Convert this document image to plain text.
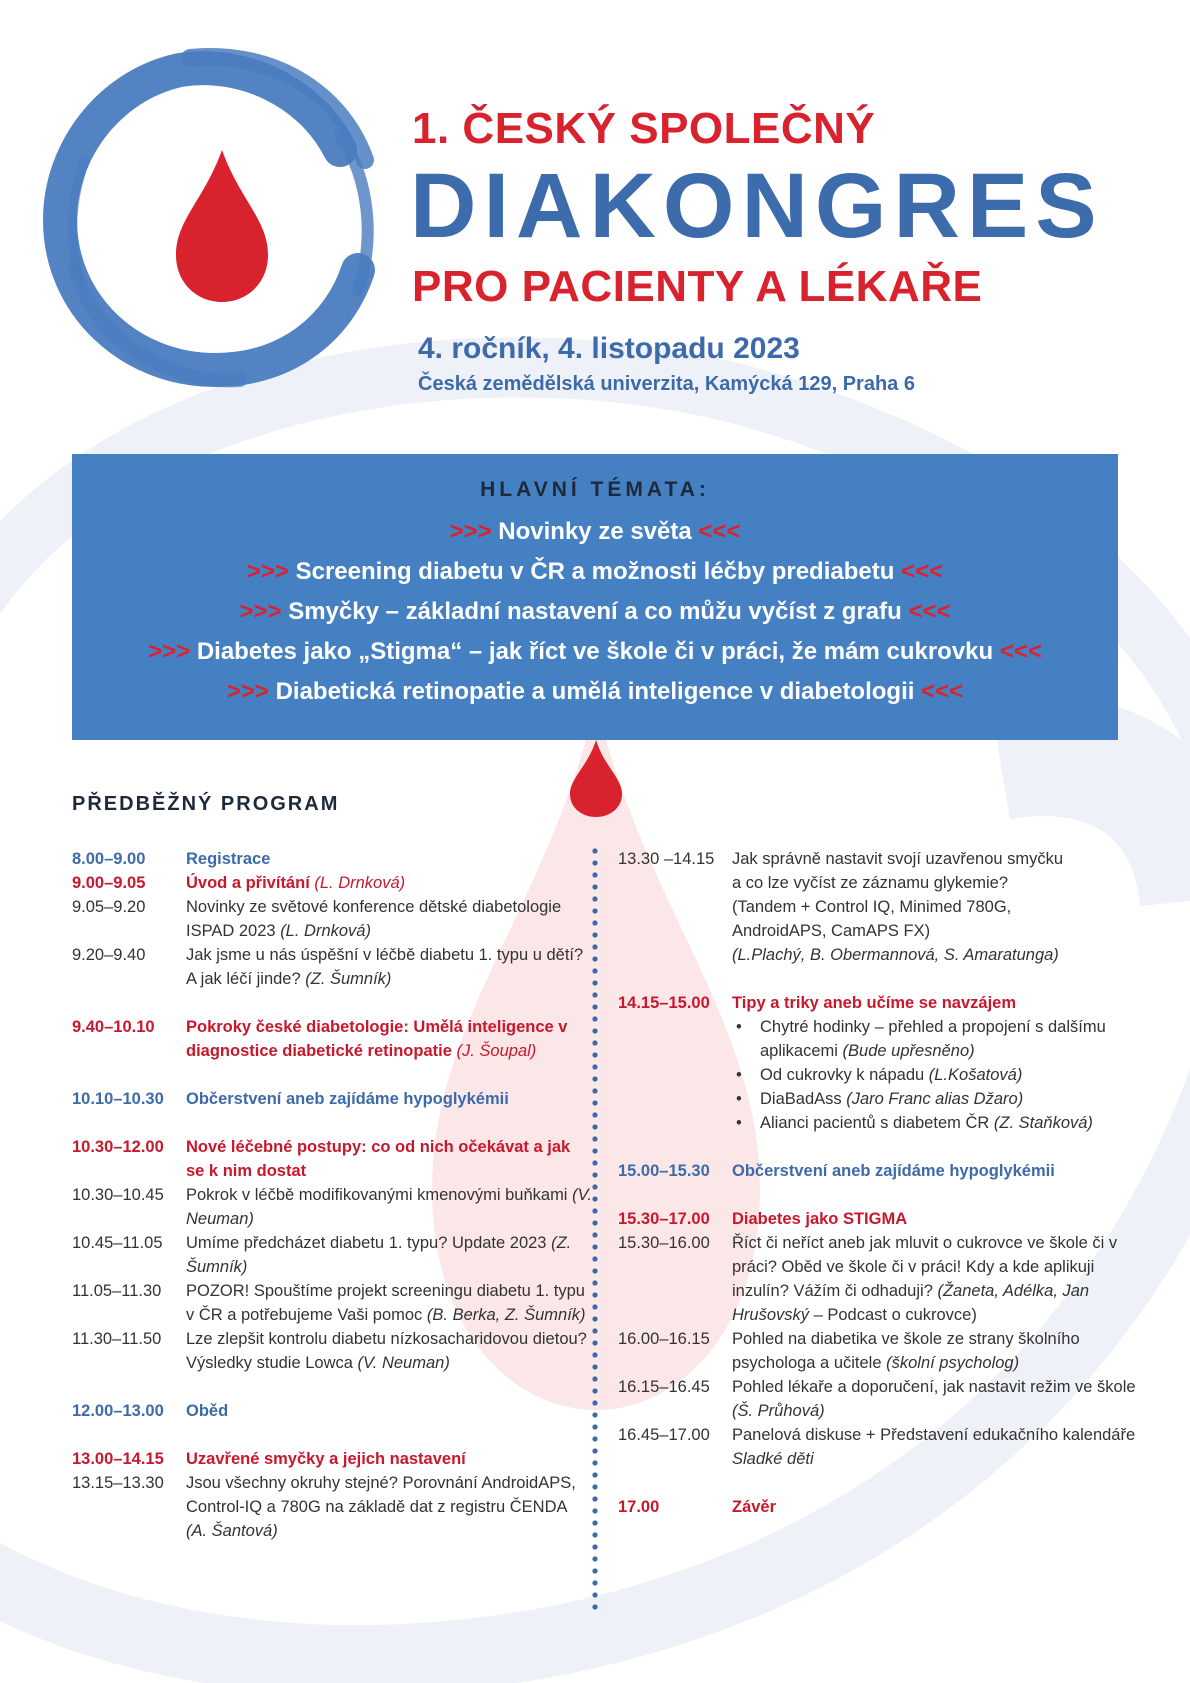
1. ČESKÝ SPOLEČNÝ
DIAKONGRES
PRO PACIENTY A LÉKAŘE
4. ročník, 4. listopadu 2023
Česká zemědělská univerzita, Kamýcká 129, Praha 6
HLAVNÍ TÉMATA:
>>> Novinky ze světa <<<
>>> Screening diabetu v ČR a možnosti léčby prediabetu <<<
>>> Smyčky – základní nastavení a co můžu vyčíst z grafu <<<
>>> Diabetes jako „Stigma“ – jak říct ve škole či v práci, že mám cukrovku <<<
>>> Diabetická retinopatie a umělá inteligence v diabetologii <<<
PŘEDBĚŽNÝ PROGRAM
8.00–9.00	Registrace
9.00–9.05	Úvod a přivítání (L. Drnková)
9.05–9.20	Novinky ze světové konference dětské diabetologie ISPAD 2023 (L. Drnková)
9.20–9.40	Jak jsme u nás úspěšní v léčbě diabetu 1. typu u dětí? A jak léčí jinde? (Z. Šumník)
9.40–10.10	Pokroky české diabetologie: Umělá inteligence v diagnostice diabetické retinopatie (J. Šoupal)
10.10–10.30	Občerstvení aneb zajídáme hypoglykémii
10.30–12.00	Nové léčebné postupy: co od nich očekávat a jak se k nim dostat
10.30–10.45	Pokrok v léčbě modifikovanými kmenovými buňkami (V. Neuman)
10.45–11.05	Umíme předcházet diabetu 1. typu? Update 2023 (Z. Šumník)
11.05–11.30	POZOR! Spouštíme projekt screeningu diabetu 1. typu v ČR a potřebujeme Vaši pomoc (B. Berka, Z. Šumník)
11.30–11.50	Lze zlepšit kontrolu diabetu nízkosacharidovou dietou? Výsledky studie Lowca (V. Neuman)
12.00–13.00	Oběd
13.00–14.15	Uzavřené smyčky a jejich nastavení
13.15–13.30	Jsou všechny okruhy stejné? Porovnání AndroidAPS, Control-IQ a 780G na základě dat z registru ČENDA (A. Šantová)
13.30 –14.15	Jak správně nastavit svojí uzavřenou smyčku
a co lze vyčíst ze záznamu glykemie?
(Tandem + Control IQ, Minimed 780G,
AndroidAPS, CamAPS FX)
(L.Plachý, B. Obermannová, S. Amaratunga)
14.15–15.00	Tipy a triky aneb učíme se navzájem
• Chytré hodinky – přehled a propojení s dalšímu aplikacemi (Bude upřesněno)
• Od cukrovky k nápadu (L.Košatová)
• DiaBadAss (Jaro Franc alias Džaro)
• Alianci pacientů s diabetem ČR (Z. Staňková)
15.00–15.30	Občerstvení aneb zajídáme hypoglykémii
15.30–17.00	Diabetes jako STIGMA
15.30–16.00	Říct či neříct aneb jak mluvit o cukrovce ve škole či v práci? Oběd ve škole či v práci! Kdy a kde aplikuji inzulín? Vážím či odhaduji? (Žaneta, Adélka, Jan Hrušovský – Podcast o cukrovce)
16.00–16.15	Pohled na diabetika ve škole ze strany školního psychologa a učitele (školní psycholog)
16.15–16.45	Pohled lékaře a doporučení, jak nastavit režim ve škole (Š. Průhová)
16.45–17.00	Panelová diskuse + Představení edukačního kalendáře Sladké děti
17.00	Závěr
